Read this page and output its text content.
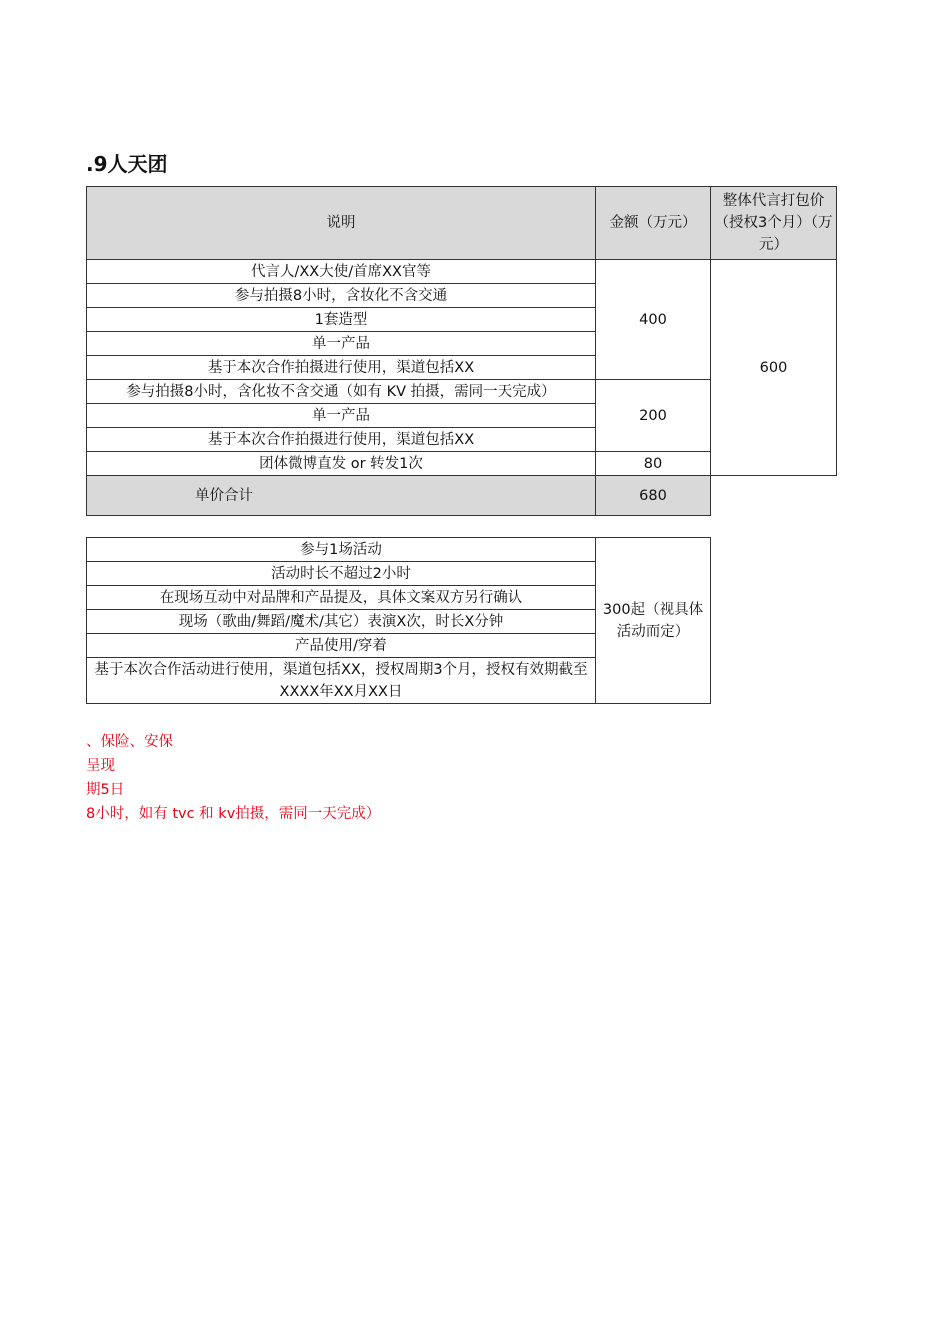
.9人天团
说明	金额（万元）	整体代言打包价（授权3个月）（万元）
代言人/XX大使/首席XX官等	400	600
参与拍摄8小时，含妆化不含交通		
1套造型		
单一产品		
基于本次合作拍摄进行使用，渠道包括XX		
参与拍摄8小时，含化妆不含交通（如有 KV 拍摄，需同一天完成）	200	
单一产品		
基于本次合作拍摄进行使用，渠道包括XX		
团体微博直发 or 转发1次	80	
单价合计	680	
参与1场活动	300起（视具体活动而定）
活动时长不超过2小时
在现场互动中对品牌和产品提及，具体文案双方另行确认
现场（歌曲/舞蹈/魔术/其它）表演X次，时长X分钟
产品使用/穿着
基于本次合作活动进行使用，渠道包括XX，授权周期3个月，授权有效期截至XXXX年XX月XX日
、保险、安保
呈现
期5日
8小时，如有 tvc 和 kv拍摄，需同一天完成）
